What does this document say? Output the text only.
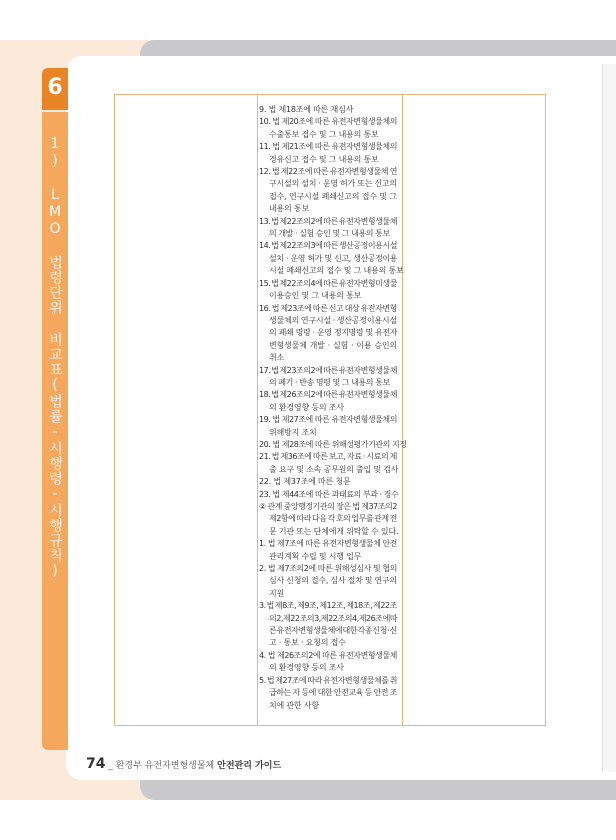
6
1) LMO 법령단위 비교표(법률-시행령-시행규칙)
9. 법 제18조에 따른 재심사
10. 법 제20조에 따른 유전자변형생물체의
수출통보 접수 및 그 내용의 통보
11. 법 제21조에 따른 유전자변형생물체의
경유신고 접수 및 그 내용의 통보
12. 법 제22조에 따른 유전자변형생물체 연
구시설의 설치 · 운영 허가 또는 신고의
접수, 연구시설 폐쇄신고의 접수 및 그
내용의 통보
13. 법 제22조의2에 따른 유전자변형생물체
의 개발 · 실험 승인 및 그 내용의 통보
14. 법 제22조의3에 따른 생산공정이용시설
설치 · 운영 허가 및 신고, 생산공정이용
시설 폐쇄신고의 접수 및 그 내용의 통보
15. 법 제22조의4에 따른 유전자변형미생물
이용승인 및 그 내용의 통보
16. 법 제23조에 따른 신고 대상 유전자변형
생물체의 연구시설 · 생산공정이용시설
의 폐쇄 명령 · 운영 정지명령 및 유전자
변형생물체 개발 · 실험 · 이용 승인의
취소
17. 법 제23조의2에 따른 유전자변형생물체
의 폐기 · 반송 명령 및 그 내용의 통보
18. 법 제26조의2에 따른 유전자변형생물체
의 환경영향 등의 조사
19. 법 제27조에 따른 유전자변형생물체의
위해방지 조치
20. 법 제28조에 따른 위해성평가기관의 지정
21. 법 제36조에 따른 보고, 자료 · 시료의 제
출 요구 및 소속 공무원의 출입 및 검사
22. 법 제37조에 따른 청문
23. 법 제44조에 따른 과태료의 부과 · 징수
② 관계 중앙행정기관의 장은 법 제37조의2
제2항에 따라 다음 각 호의 업무를 관계 전
문 기관 또는 단체에게 위탁할 수 있다.
1. 법 제7조에 따른 유전자변형생물체 안전
관리계획 수립 및 시행 업무
2. 법 제7조의2에 따른 위해성심사 및 협의
심사 신청의 접수, 심사 절차 및 연구의
지원
3. 법 제8조, 제9조, 제12조, 제18조, 제22조
의2, 제22조의3, 제22조의4, 제26조에 따
른 유전자변형생물체에 대한 각종 신청 · 신
고 · 통보 · 요청의 접수
4. 법 제26조의2에 따른 유전자변형생물체
의 환경영향 등의 조사
5. 법 제27조에 따라 유전자변형생물체를 취
급하는 자 등에 대한 안전교육 등 안전 조
치에 관한 사항
74 _ 환경부 유전자변형생물체 안전관리 가이드
